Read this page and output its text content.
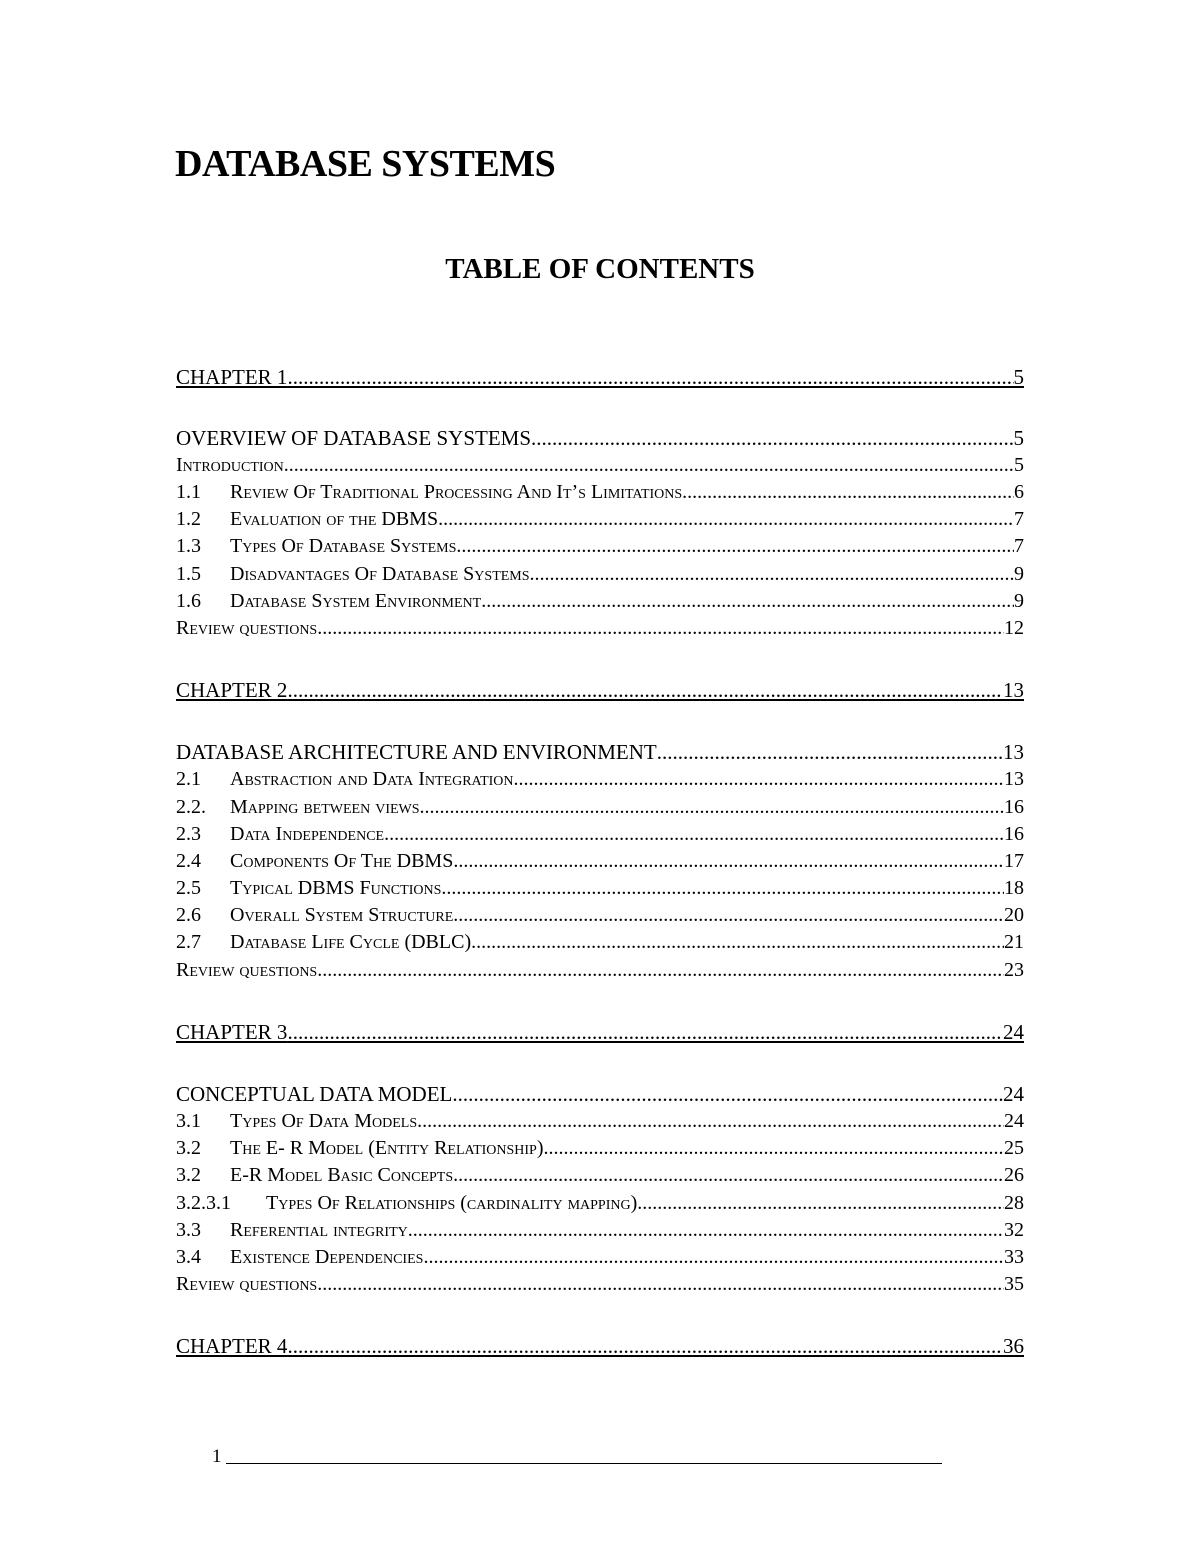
DATABASE SYSTEMS
TABLE OF CONTENTS
CHAPTER 1 .....	5
OVERVIEW OF DATABASE SYSTEMS .....	5
Introduction .....	5
1.1	Review Of Traditional Processing And It’s Limitations .....	6
1.2	Evaluation of the DBMS .....	7
1.3	Types Of Database Systems .....	7
1.5	Disadvantages Of Database Systems .....	9
1.6	Database System Environment .....	9
Review questions .....	12
CHAPTER 2 .....	13
DATABASE ARCHITECTURE AND ENVIRONMENT .....	13
2.1	Abstraction and Data Integration .....	13
2.2.	Mapping between views .....	16
2.3	Data Independence .....	16
2.4	Components Of The DBMS .....	17
2.5	Typical DBMS Functions .....	18
2.6	Overall System Structure .....	20
2.7	Database Life Cycle (DBLC) .....	21
Review questions .....	23
CHAPTER 3 .....	24
CONCEPTUAL DATA MODEL .....	24
3.1	Types Of Data Models .....	24
3.2	The E- R Model (Entity Relationship) .....	25
3.2	E-R Model Basic Concepts .....	26
3.2.3.1	Types Of Relationships (cardinality mapping) .....	28
3.3	Referential integrity .....	32
3.4	Existence Dependencies .....	33
Review questions .....	35
CHAPTER 4 .....	36
1
